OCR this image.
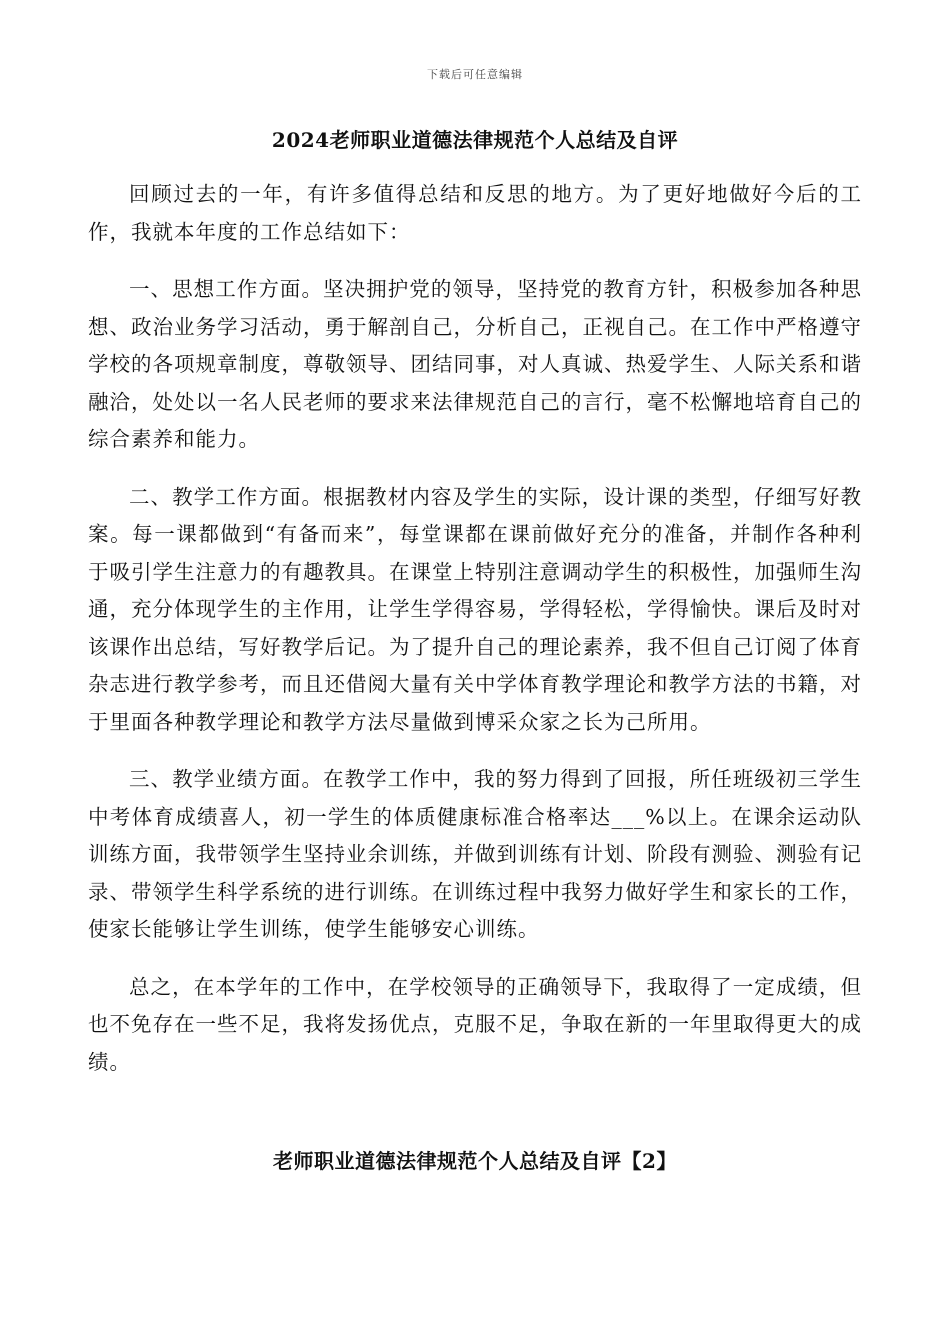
下载后可任意编辑
2024老师职业道德法律规范个人总结及自评

回顾过去的一年，有许多值得总结和反思的地方。为了更好地做好今后的工作，我就本年度的工作总结如下：

一、思想工作方面。坚决拥护党的领导，坚持党的教育方针，积极参加各种思想、政治业务学习活动，勇于解剖自己，分析自己，正视自己。在工作中严格遵守学校的各项规章制度，尊敬领导、团结同事，对人真诚、热爱学生、人际关系和谐融洽，处处以一名人民老师的要求来法律规范自己的言行，毫不松懈地培育自己的综合素养和能力。

二、教学工作方面。根据教材内容及学生的实际，设计课的类型，仔细写好教案。每一课都做到“有备而来”，每堂课都在课前做好充分的准备，并制作各种利于吸引学生注意力的有趣教具。在课堂上特别注意调动学生的积极性，加强师生沟通，充分体现学生的主作用，让学生学得容易，学得轻松，学得愉快。课后及时对该课作出总结，写好教学后记。为了提升自己的理论素养，我不但自己订阅了体育杂志进行教学参考，而且还借阅大量有关中学体育教学理论和教学方法的书籍，对于里面各种教学理论和教学方法尽量做到博采众家之长为己所用。

三、教学业绩方面。在教学工作中，我的努力得到了回报，所任班级初三学生中考体育成绩喜人，初一学生的体质健康标准合格率达___%以上。在课余运动队训练方面，我带领学生坚持业余训练，并做到训练有计划、阶段有测验、测验有记录、带领学生科学系统的进行训练。在训练过程中我努力做好学生和家长的工作，使家长能够让学生训练，使学生能够安心训练。

总之，在本学年的工作中，在学校领导的正确领导下，我取得了一定成绩，但也不免存在一些不足，我将发扬优点，克服不足，争取在新的一年里取得更大的成绩。

老师职业道德法律规范个人总结及自评【2】
